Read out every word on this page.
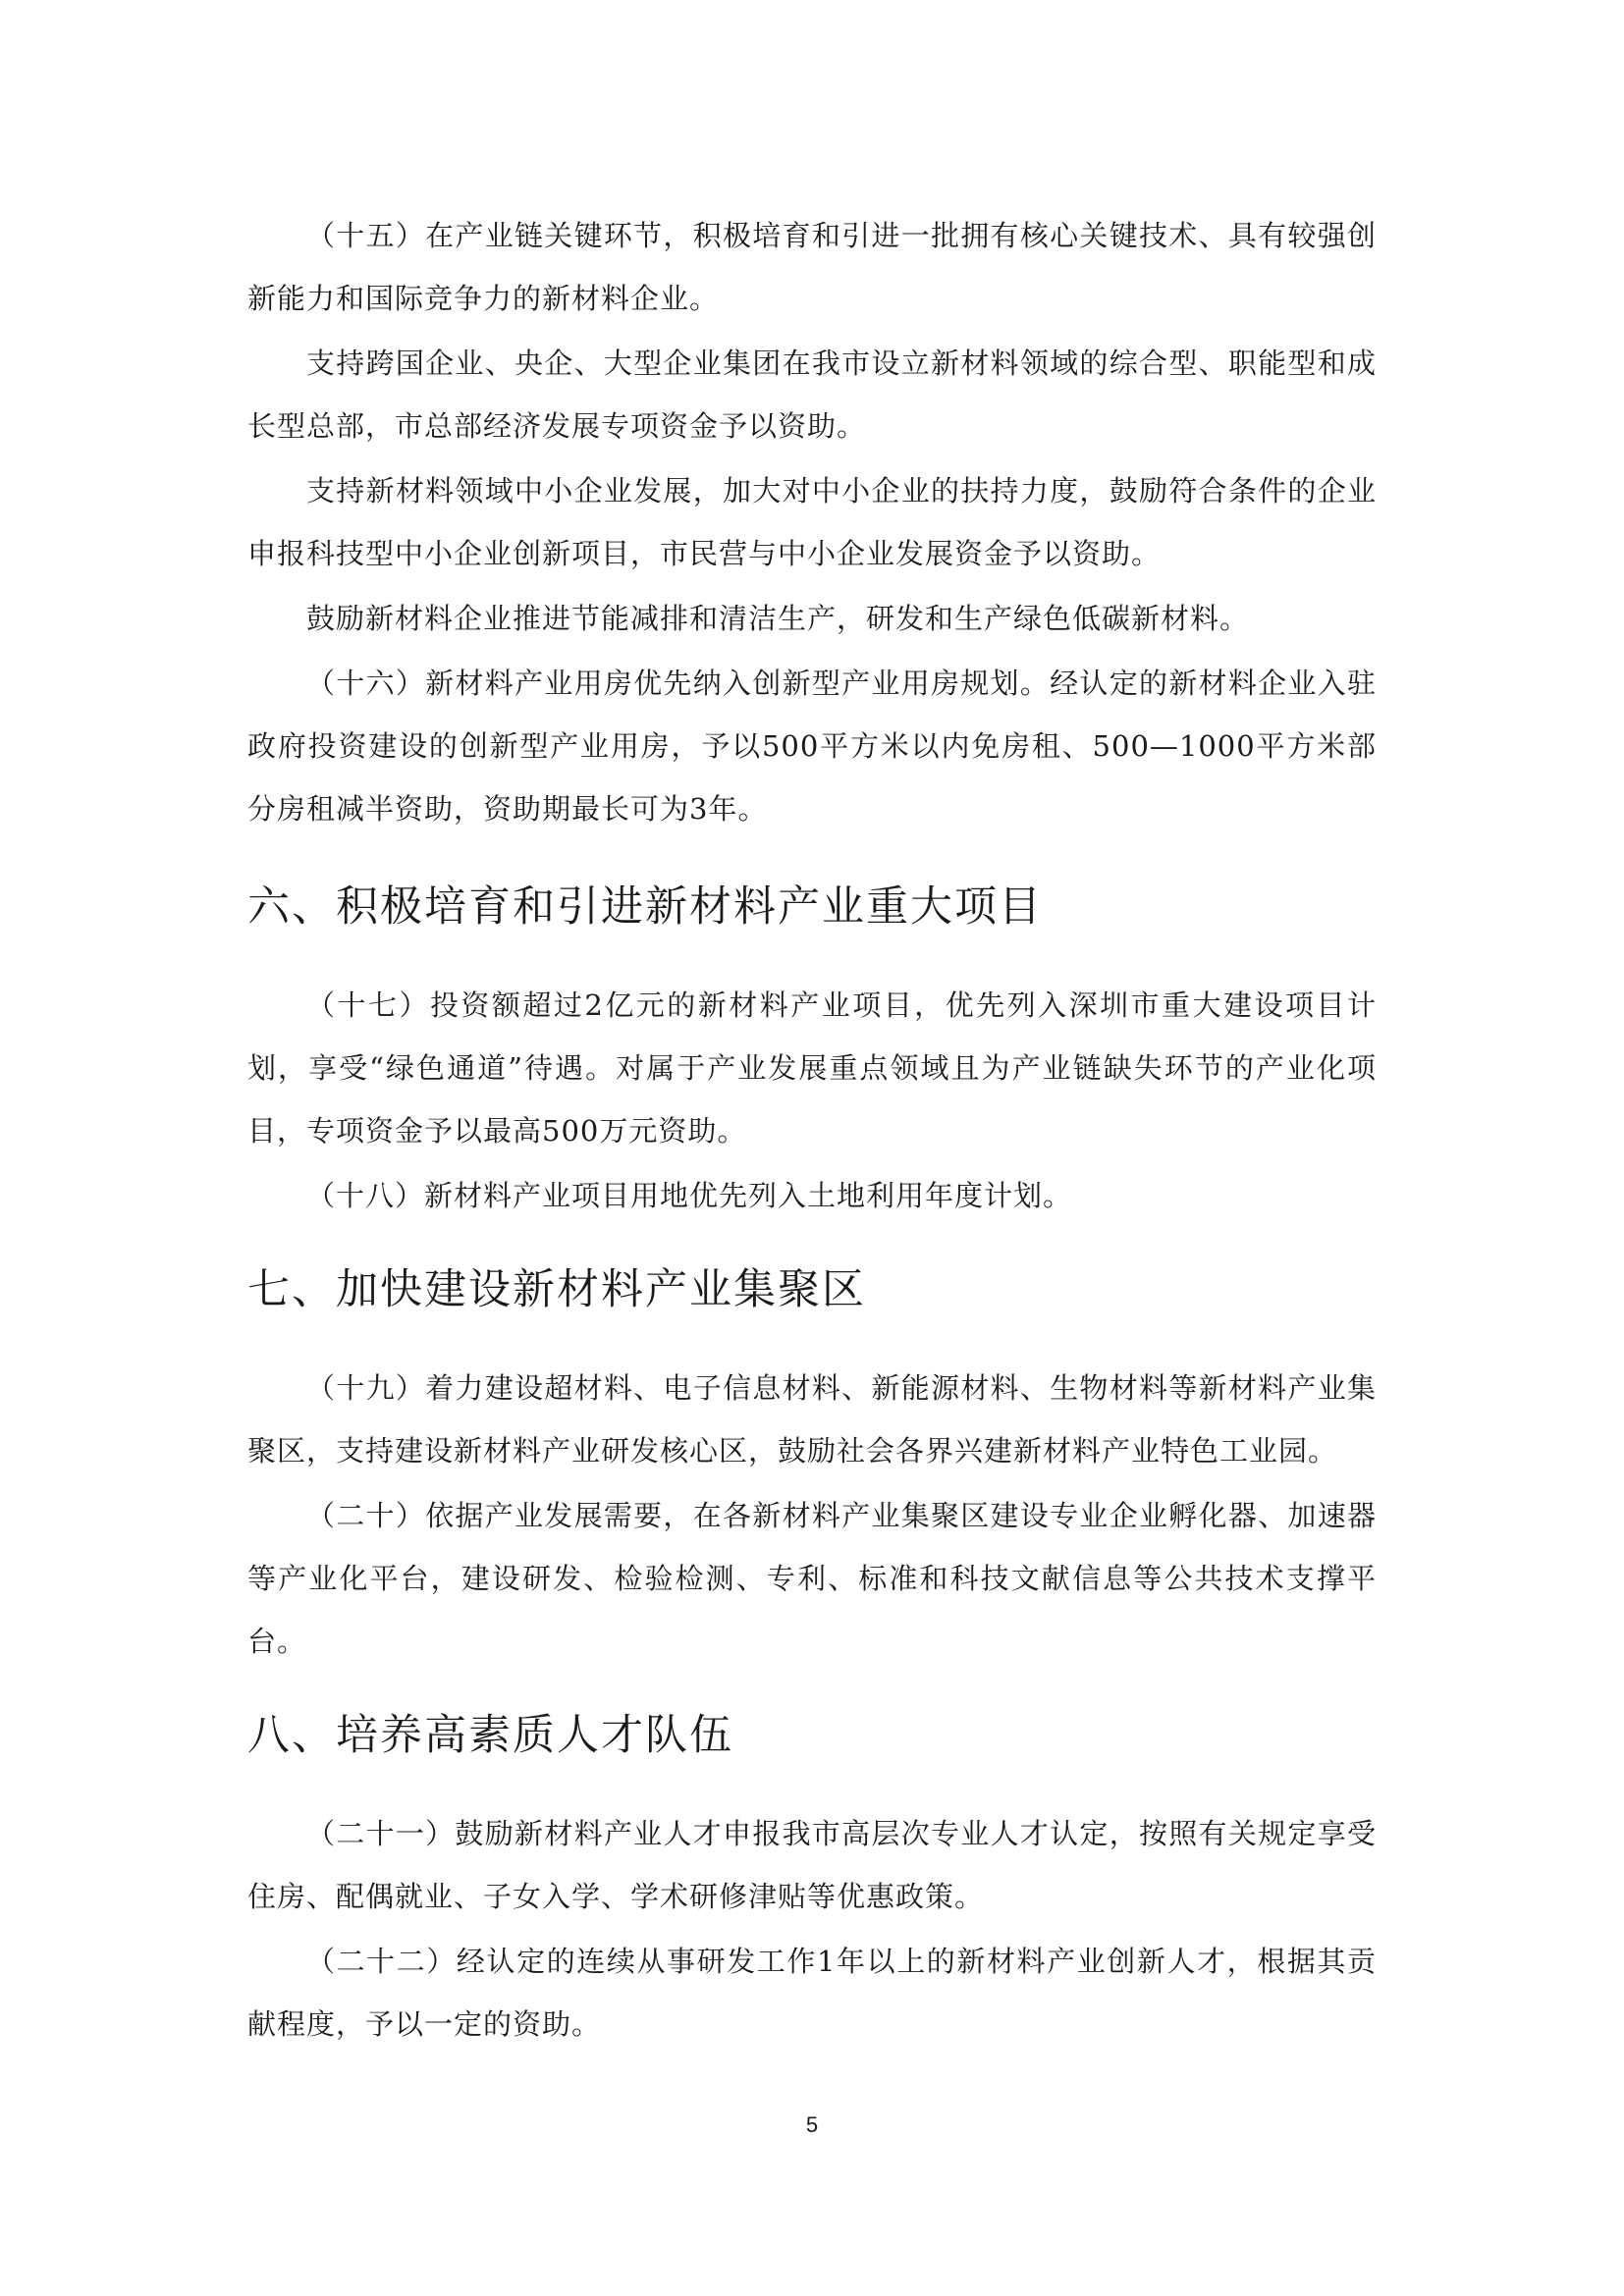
（十五）在产业链关键环节，积极培育和引进一批拥有核心关键技术、具有较强创新能力和国际竞争力的新材料企业。

支持跨国企业、央企、大型企业集团在我市设立新材料领域的综合型、职能型和成长型总部，市总部经济发展专项资金予以资助。

支持新材料领域中小企业发展，加大对中小企业的扶持力度，鼓励符合条件的企业申报科技型中小企业创新项目，市民营与中小企业发展资金予以资助。

鼓励新材料企业推进节能减排和清洁生产，研发和生产绿色低碳新材料。

（十六）新材料产业用房优先纳入创新型产业用房规划。经认定的新材料企业入驻政府投资建设的创新型产业用房，予以500平方米以内免房租、500—1000平方米部分房租减半资助，资助期最长可为3年。

六、积极培育和引进新材料产业重大项目

（十七）投资额超过2亿元的新材料产业项目，优先列入深圳市重大建设项目计划，享受“绿色通道”待遇。对属于产业发展重点领域且为产业链缺失环节的产业化项目，专项资金予以最高500万元资助。

（十八）新材料产业项目用地优先列入土地利用年度计划。

七、加快建设新材料产业集聚区

（十九）着力建设超材料、电子信息材料、新能源材料、生物材料等新材料产业集聚区，支持建设新材料产业研发核心区，鼓励社会各界兴建新材料产业特色工业园。

（二十）依据产业发展需要，在各新材料产业集聚区建设专业企业孵化器、加速器等产业化平台，建设研发、检验检测、专利、标准和科技文献信息等公共技术支撑平台。

八、培养高素质人才队伍

（二十一）鼓励新材料产业人才申报我市高层次专业人才认定，按照有关规定享受住房、配偶就业、子女入学、学术研修津贴等优惠政策。

（二十二）经认定的连续从事研发工作1年以上的新材料产业创新人才，根据其贡献程度，予以一定的资助。

5
